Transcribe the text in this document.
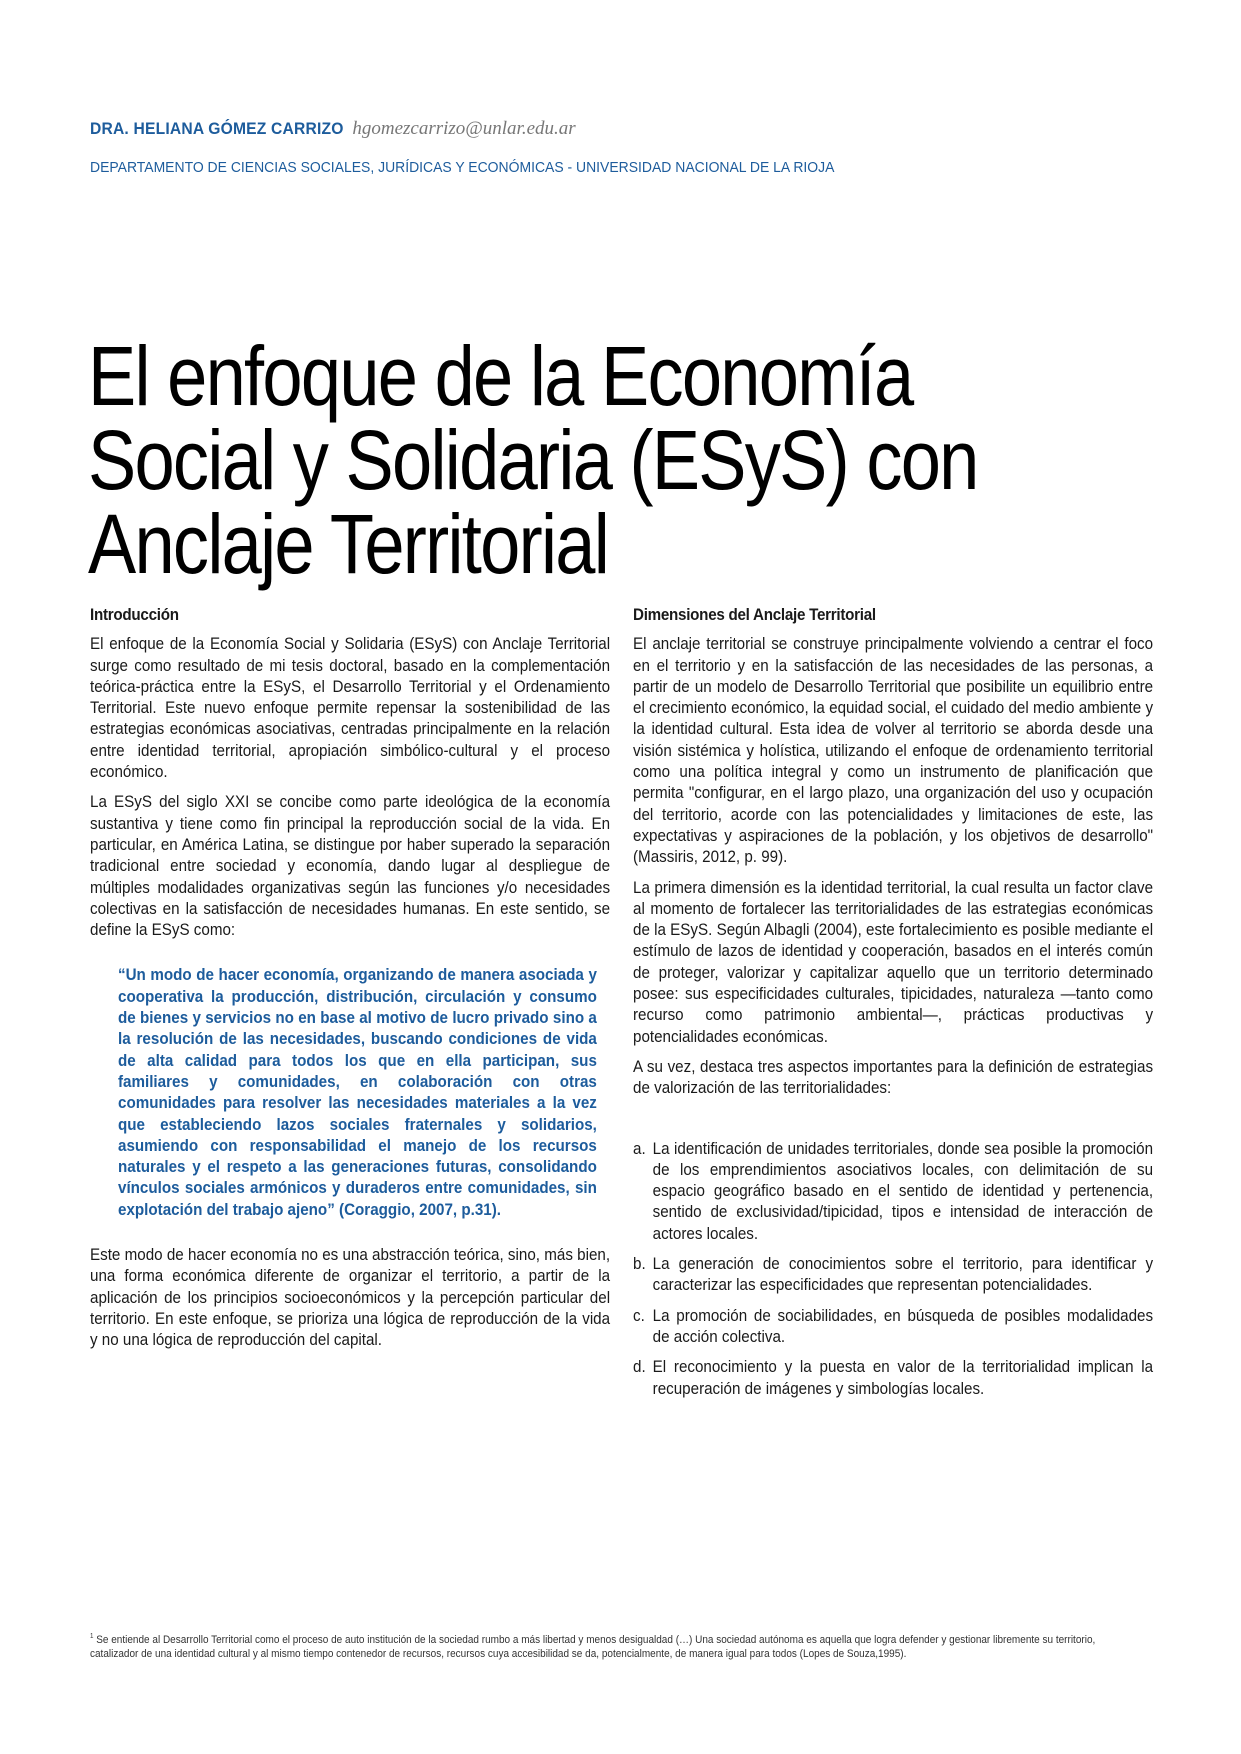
DRA. HELIANA GÓMEZ CARRIZO hgomezcarrizo@unlar.edu.ar
DEPARTAMENTO DE CIENCIAS SOCIALES, JURÍDICAS Y ECONÓMICAS - UNIVERSIDAD NACIONAL DE LA RIOJA
El enfoque de la Economía
Social y Solidaria (ESyS) con
Anclaje Territorial
Introducción

El enfoque de la Economía Social y Solidaria (ESyS) con Anclaje Territorial surge como resultado de mi tesis doctoral, basado en la complementación teórica-práctica entre la ESyS, el Desarrollo Territorial y el Ordenamiento Territorial. Este nuevo enfoque permite repensar la sostenibilidad de las estrategias económicas asociativas, centradas principalmente en la relación entre identidad territorial, apropiación simbólico-cultural y el proceso económico.

La ESyS del siglo XXI se concibe como parte ideológica de la economía sustantiva y tiene como fin principal la reproducción social de la vida. En particular, en América Latina, se distingue por haber superado la separación tradicional entre sociedad y economía, dando lugar al despliegue de múltiples modalidades organizativas según las funciones y/o necesidades colectivas en la satisfacción de necesidades humanas. En este sentido, se define la ESyS como:

“Un modo de hacer economía, organizando de manera asociada y cooperativa la producción, distribución, circulación y consumo de bienes y servicios no en base al motivo de lucro privado sino a la resolución de las necesidades, buscando condiciones de vida de alta calidad para todos los que en ella participan, sus familiares y comunidades, en colaboración con otras comunidades para resolver las necesidades materiales a la vez que estableciendo lazos sociales fraternales y solidarios, asumiendo con responsabilidad el manejo de los recursos naturales y el respeto a las generaciones futuras, consolidando vínculos sociales armónicos y duraderos entre comunidades, sin explotación del trabajo ajeno” (Coraggio, 2007, p.31).

Este modo de hacer economía no es una abstracción teórica, sino, más bien, una forma económica diferente de organizar el territorio, a partir de la aplicación de los principios socioeconómicos y la percepción particular del territorio. En este enfoque, se prioriza una lógica de reproducción de la vida y no una lógica de reproducción del capital.

Dimensiones del Anclaje Territorial

El anclaje territorial se construye principalmente volviendo a centrar el foco en el territorio y en la satisfacción de las necesidades de las personas, a partir de un modelo de Desarrollo Territorial que posibilite un equilibrio entre el crecimiento económico, la equidad social, el cuidado del medio ambiente y la identidad cultural. Esta idea de volver al territorio se aborda desde una visión sistémica y holística, utilizando el enfoque de ordenamiento territorial como una política integral y como un instrumento de planificación que permita "configurar, en el largo plazo, una organización del uso y ocupación del territorio, acorde con las potencialidades y limitaciones de este, las expectativas y aspiraciones de la población, y los objetivos de desarrollo" (Massiris, 2012, p. 99).

La primera dimensión es la identidad territorial, la cual resulta un factor clave al momento de fortalecer las territorialidades de las estrategias económicas de la ESyS. Según Albagli (2004), este fortalecimiento es posible mediante el estímulo de lazos de identidad y cooperación, basados en el interés común de proteger, valorizar y capitalizar aquello que un territorio determinado posee: sus especificidades culturales, tipicidades, naturaleza —tanto como recurso como patrimonio ambiental—, prácticas productivas y potencialidades económicas.

A su vez, destaca tres aspectos importantes para la definición de estrategias de valorización de las territorialidades:

a. La identificación de unidades territoriales, donde sea posible la promoción de los emprendimientos asociativos locales, con delimitación de su espacio geográfico basado en el sentido de identidad y pertenencia, sentido de exclusividad/tipicidad, tipos e intensidad de interacción de actores locales.
b. La generación de conocimientos sobre el territorio, para identificar y caracterizar las especificidades que representan potencialidades.
c. La promoción de sociabilidades, en búsqueda de posibles modalidades de acción colectiva.
d. El reconocimiento y la puesta en valor de la territorialidad implican la recuperación de imágenes y simbologías locales.
$^1$ Se entiende al Desarrollo Territorial como el proceso de auto institución de la sociedad rumbo a más libertad y menos desigualdad (…) Una sociedad autónoma es aquella que logra defender y gestionar libremente su territorio, catalizador de una identidad cultural y al mismo tiempo contenedor de recursos, recursos cuya accesibilidad se da, potencialmente, de manera igual para todos (Lopes de Souza,1995).
